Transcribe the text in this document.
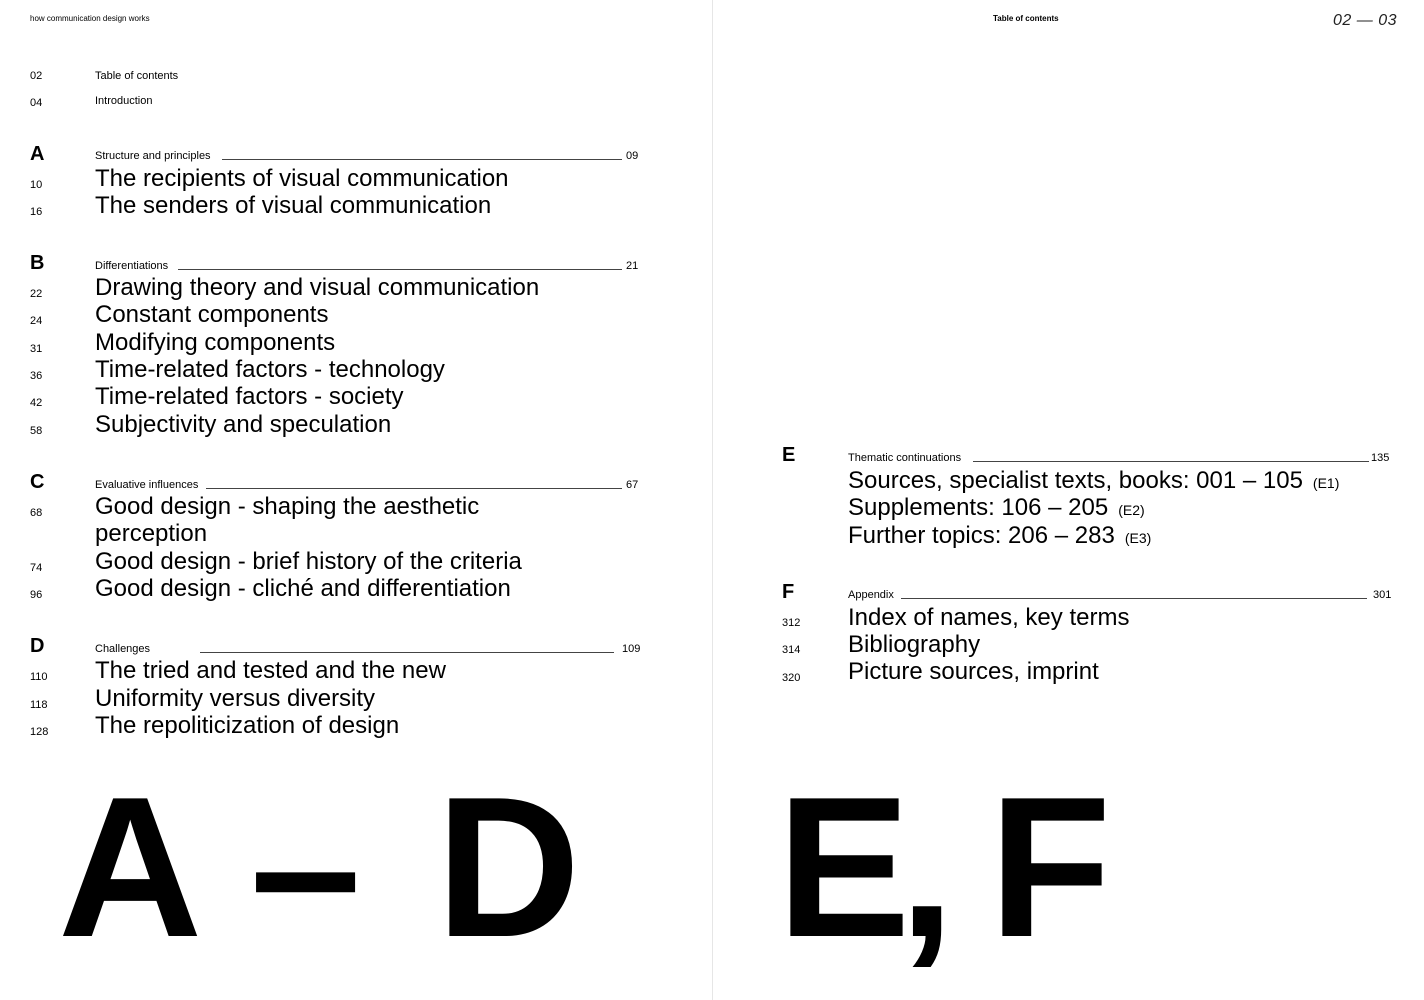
how communication design works
02	Table of contents
04	Introduction
A	Structure and principles	09
10 The recipients of visual communication
16 The senders of visual communication
B	Differentiations	21
22 Drawing theory and visual communication
24 Constant components
31 Modifying components
36 Time-related factors - technology
42 Time-related factors - society
58 Subjectivity and speculation
C	Evaluative influences	67
68 Good design - shaping the aesthetic
perception
74 Good design - brief history of the criteria
96 Good design - cliché and differentiation
D	Challenges	109
110 The tried and tested and the new
118 Uniformity versus diversity
128 The repoliticization of design
A – D
Table of contents	02 — 03
E	Thematic continuations	135
Sources, specialist texts, books: 001 – 105 (E1)
Supplements: 106 – 205 (E2)
Further topics: 206 – 283 (E3)
F	Appendix	301
312 Index of names, key terms
314 Bibliography
320 Picture sources, imprint
E
, F
